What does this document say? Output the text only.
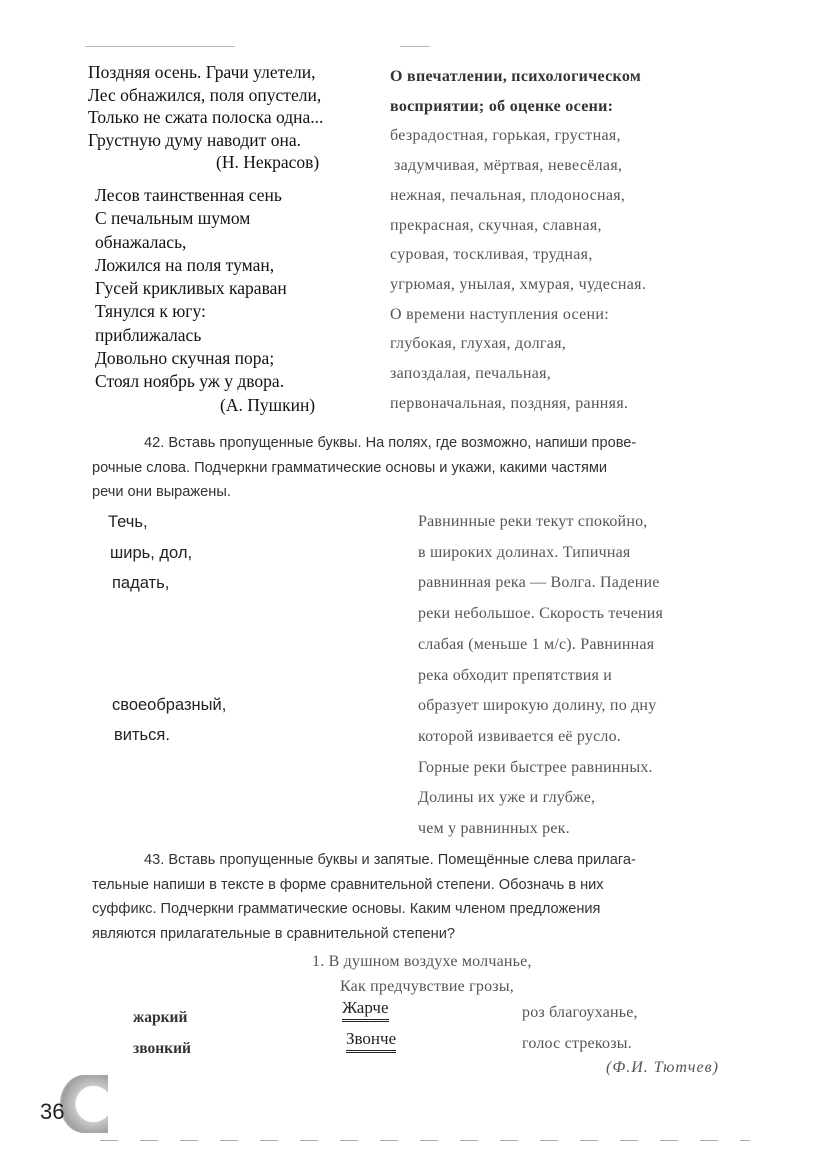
Поздняя осень. Грачи улетели,
Лес обнажился, поля опустели,
Только не сжата полоска одна...
Грустную думу наводит она.
(Н. Некрасов)
Лесов таинственная сень
С печальным шумом
обнажалась,
Ложился на поля туман,
Гусей крикливых караван
Тянулся к югу:
приближалась
Довольно скучная пора;
Стоял ноябрь уж у двора.
(А. Пушкин)
О впечатлении, психологическом
восприятии; об оценке осени:
безрадостная, горькая, грустная,
задумчивая, мёртвая, невесёлая,
нежная, печальная, плодоносная,
прекрасная, скучная, славная,
суровая, тоскливая, трудная,
угрюмая, унылая, хмурая, чудесная.
О времени наступления осени:
глубокая, глухая, долгая,
запоздалая, печальная,
первоначальная, поздняя, ранняя.
42. Вставь пропущенные буквы. На полях, где возможно, напиши прове-
рочные слова. Подчеркни грамматические основы и укажи, какими частями
речи они выражены.
Течь,
ширь, дол,
падать,
своеобразный,
виться.
Равнинные реки текут спокойно,
в широких долинах. Типичная
равнинная река — Волга. Падение
реки небольшое. Скорость течения
слабая (меньше 1 м/с). Равнинная
река обходит препятствия и
образует широкую долину, по дну
которой извивается её русло.
Горные реки быстрее равнинных.
Долины их уже и глубже,
чем у равнинных рек.
43. Вставь пропущенные буквы и запятые. Помещённые слева прилага-
тельные напиши в тексте в форме сравнительной степени. Обозначь в них
суффикс. Подчеркни грамматические основы. Каким членом предложения
являются прилагательные в сравнительной степени?
1. В душном воздухе молчанье,
Как предчувствие грозы,
жаркий
Жарче	роз благоуханье,
звонкий
Звонче	голос стрекозы.
(Ф.И. Тютчев)
36
